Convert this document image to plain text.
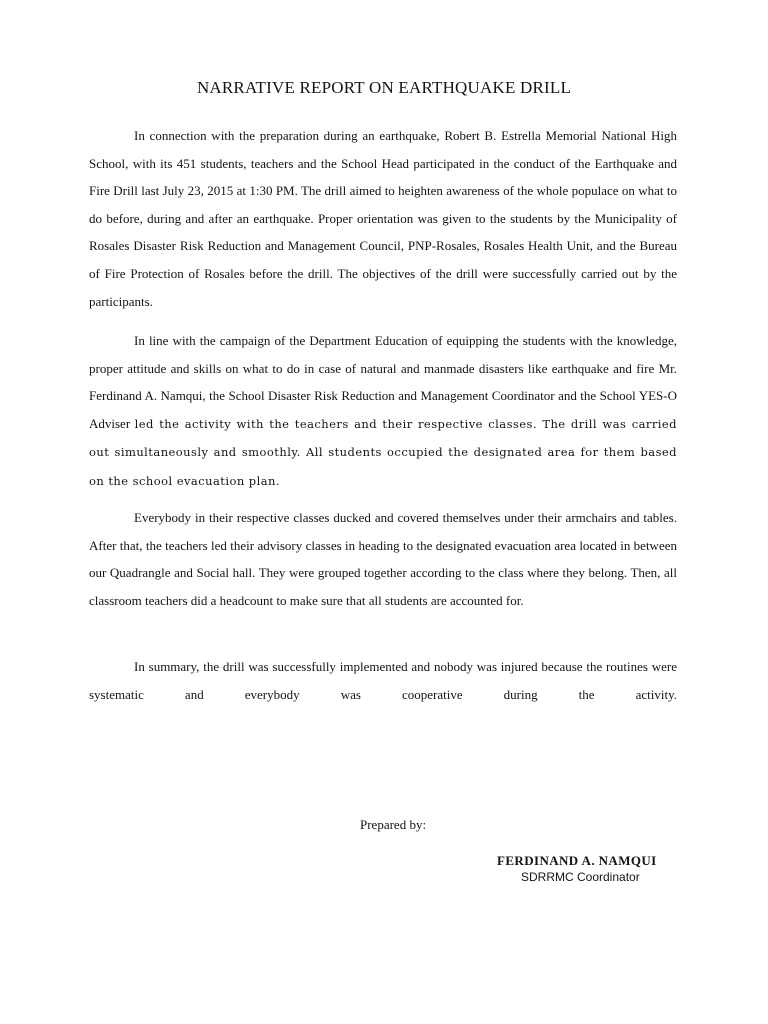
NARRATIVE REPORT ON EARTHQUAKE DRILL

In connection with the preparation during an earthquake, Robert B. Estrella Memorial National High School, with its 451 students, teachers and the School Head participated in the conduct of the Earthquake and Fire Drill last July 23, 2015 at 1:30 PM. The drill aimed to heighten awareness of the whole populace on what to do before, during and after an earthquake. Proper orientation was given to the students by the Municipality of Rosales Disaster Risk Reduction and Management Council, PNP-Rosales, Rosales Health Unit, and the Bureau of Fire Protection of Rosales before the drill. The objectives of the drill were successfully carried out by the participants.

In line with the campaign of the Department Education of equipping the students with the knowledge, proper attitude and skills on what to do in case of natural and manmade disasters like earthquake and fire Mr. Ferdinand A. Namqui, the School Disaster Risk Reduction and Management Coordinator and the School YES-O Adviser led the activity with the teachers and their respective classes. The drill was carried out simultaneously and smoothly. All students occupied the designated area for them based on the school evacuation plan.

Everybody in their respective classes ducked and covered themselves under their armchairs and tables. After that, the teachers led their advisory classes in heading to the designated evacuation area located in between our Quadrangle and Social hall. They were grouped together according to the class where they belong. Then, all classroom teachers did a headcount to make sure that all students are accounted for.

In summary, the drill was successfully implemented and nobody was injured because the routines were systematic and everybody was cooperative during the activity.

Prepared by:
FERDINAND A. NAMQUI
SDRRMC Coordinator
